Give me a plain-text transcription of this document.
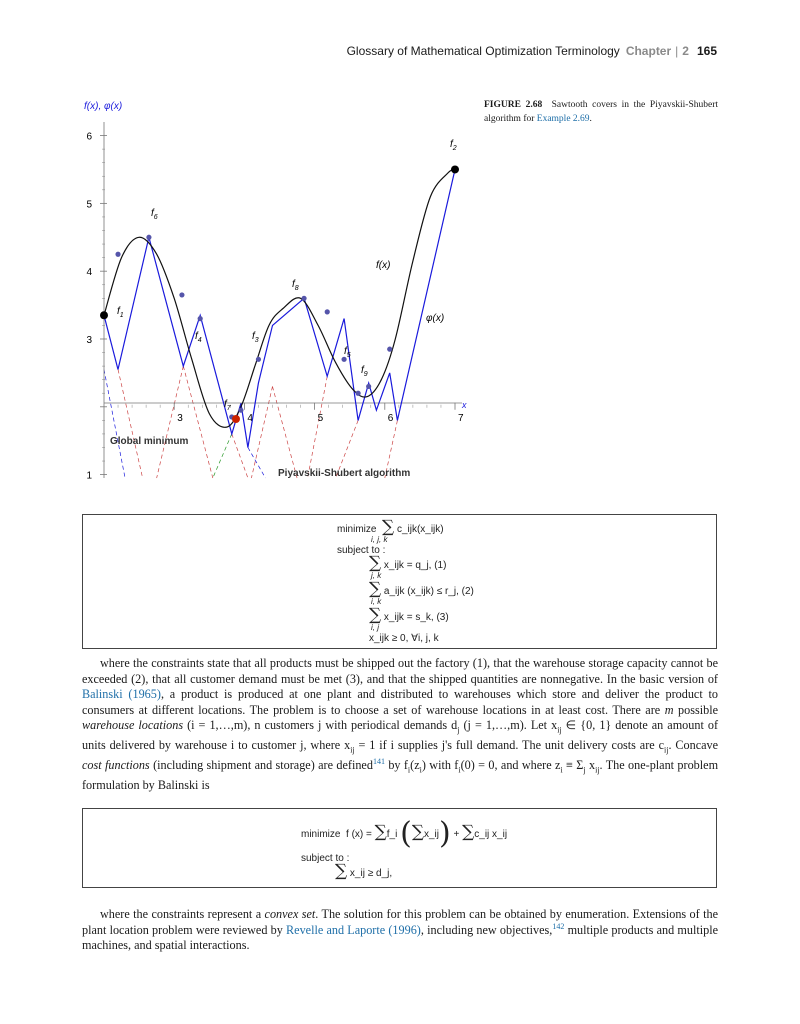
Glossary of Mathematical Optimization Terminology Chapter | 2 165
FIGURE 2.68 Sawtooth covers in the Piyavskii-Shubert algorithm for Example 2.69.
1
3
4
5
6
3	4	5	6	7
f(x), φ(x)
x
f(x)
φ(x)
Global minimum
Piyavskii-Shubert algorithm
$f_1$
$f_2$
$f_3$
$f_4$
$f_5$
$f_6$
$f_7$
$f_8$
$f_9$
minimize ∑ c_ijk(x_ijk)
i, j, k
subject to :
∑ x_ijk = q_j, (1)
j, k
∑ a_ijk (x_ijk) ≤ r_j, (2)
i, k
∑ x_ijk = s_k, (3)
i, j
x_ijk ≥ 0, ∀i, j, k
where the constraints state that all products must be shipped out the factory (1), that the warehouse storage capacity cannot be exceeded (2), that all customer demand must be met (3), and that the shipped quantities are nonnegative. In the basic version of Balinski (1965), a product is produced at one plant and distributed to warehouses which store and deliver the product to consumers at different locations. The problem is to choose a set of warehouse locations in at least cost. There are m possible warehouse locations (i = 1,…,m), n customers j with periodical demands $d_j$ (j = 1,…,m). Let $x_{ij}$ ∈ {0, 1} denote an amount of units delivered by warehouse i to customer j, where $x_{ij} = 1$ if i supplies j's full demand. The unit delivery costs are $c_{ij}$. Concave cost functions (including shipment and storage) are defined$^{141}$ by $f_i(z_i)$ with $f_i(0) = 0$, and where $z_i \equiv \Sigma_j$ $x_{ij}$. The one-plant problem formulation by Balinski is
minimize f (x) = ∑f_i (∑x_ij) + ∑c_ij x_ij
subject to :
∑ x_ij ≥ d_j,
where the constraints represent a convex set. The solution for this problem can be obtained by enumeration. Extensions of the plant location problem were reviewed by Revelle and Laporte (1996), including new objectives,$^{142}$ multiple products and multiple machines, and spatial interactions.
